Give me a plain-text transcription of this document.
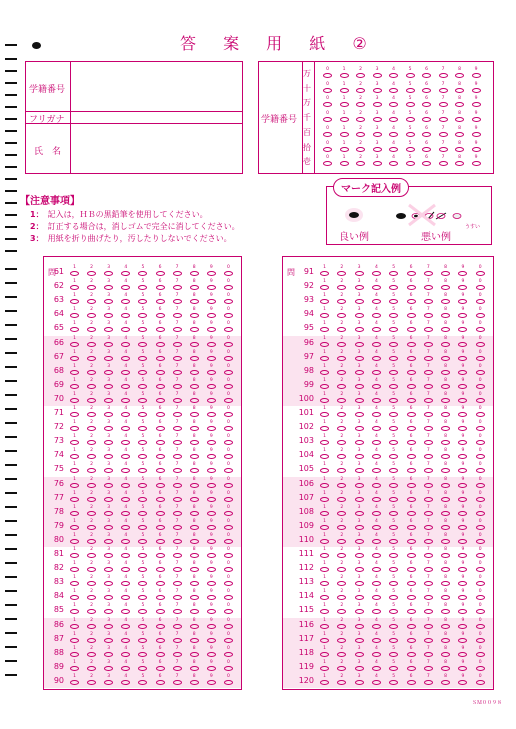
答 案 用 紙 ②
学籍番号
フリガナ
氏　名
学籍番号
万	0	1	2	3	4	5	6	7	8	9
十	0	1	2	3	4	5	6	7	8	9
万	0	1	2	3	4	5	6	7	8	9
千	0	1	2	3	4	5	6	7	8	9
百	0	1	2	3	4	5	6	7	8	9
拾	0	1	2	3	4	5	6	7	8	9
壱	0	1	2	3	4	5	6	7	8	9
【注意事項】
1： 記入は，ＨＢの黒鉛筆を使用してください。
2： 訂正する場合は，消しゴムで完全に消してください。
3： 用紙を折り曲げたり，汚したりしないでください。
マーク記入例
良い例	悪い例
うすい
問
61	1	2	3	4	5	6	7	8	9	0
62	1	2	3	4	5	6	7	8	9	0
63	1	2	3	4	5	6	7	8	9	0
64	1	2	3	4	5	6	7	8	9	0
65	1	2	3	4	5	6	7	8	9	0
66	1	2	3	4	5	6	7	8	9	0
67	1	2	3	4	5	6	7	8	9	0
68	1	2	3	4	5	6	7	8	9	0
69	1	2	3	4	5	6	7	8	9	0
70	1	2	3	4	5	6	7	8	9	0
71	1	2	3	4	5	6	7	8	9	0
72	1	2	3	4	5	6	7	8	9	0
73	1	2	3	4	5	6	7	8	9	0
74	1	2	3	4	5	6	7	8	9	0
75	1	2	3	4	5	6	7	8	9	0
76	1	2	3	4	5	6	7	8	9	0
77	1	2	3	4	5	6	7	8	9	0
78	1	2	3	4	5	6	7	8	9	0
79	1	2	3	4	5	6	7	8	9	0
80	1	2	3	4	5	6	7	8	9	0
81	1	2	3	4	5	6	7	8	9	0
82	1	2	3	4	5	6	7	8	9	0
83	1	2	3	4	5	6	7	8	9	0
84	1	2	3	4	5	6	7	8	9	0
85	1	2	3	4	5	6	7	8	9	0
86	1	2	3	4	5	6	7	8	9	0
87	1	2	3	4	5	6	7	8	9	0
88	1	2	3	4	5	6	7	8	9	0
89	1	2	3	4	5	6	7	8	9	0
90	1	2	3	4	5	6	7	8	9	0
問	91	1	2	3	4	5	6	7	8	9	0
92	1	2	3	4	5	6	7	8	9	0
93	1	2	3	4	5	6	7	8	9	0
94	1	2	3	4	5	6	7	8	9	0
95	1	2	3	4	5	6	7	8	9	0
96	1	2	3	4	5	6	7	8	9	0
97	1	2	3	4	5	6	7	8	9	0
98	1	2	3	4	5	6	7	8	9	0
99	1	2	3	4	5	6	7	8	9	0
100	1	2	3	4	5	6	7	8	9	0
101	1	2	3	4	5	6	7	8	9	0
102	1	2	3	4	5	6	7	8	9	0
103	1	2	3	4	5	6	7	8	9	0
104	1	2	3	4	5	6	7	8	9	0
105	1	2	3	4	5	6	7	8	9	0
106	1	2	3	4	5	6	7	8	9	0
107	1	2	3	4	5	6	7	8	9	0
108	1	2	3	4	5	6	7	8	9	0
109	1	2	3	4	5	6	7	8	9	0
110	1	2	3	4	5	6	7	8	9	0
111	1	2	3	4	5	6	7	8	9	0
112	1	2	3	4	5	6	7	8	9	0
113	1	2	3	4	5	6	7	8	9	0
114	1	2	3	4	5	6	7	8	9	0
115	1	2	3	4	5	6	7	8	9	0
116	1	2	3	4	5	6	7	8	9	0
117	1	2	3	4	5	6	7	8	9	0
118	1	2	3	4	5	6	7	8	9	0
119	1	2	3	4	5	6	7	8	9	0
120	1	2	3	4	5	6	7	8	9	0
ＳＭ００９８
